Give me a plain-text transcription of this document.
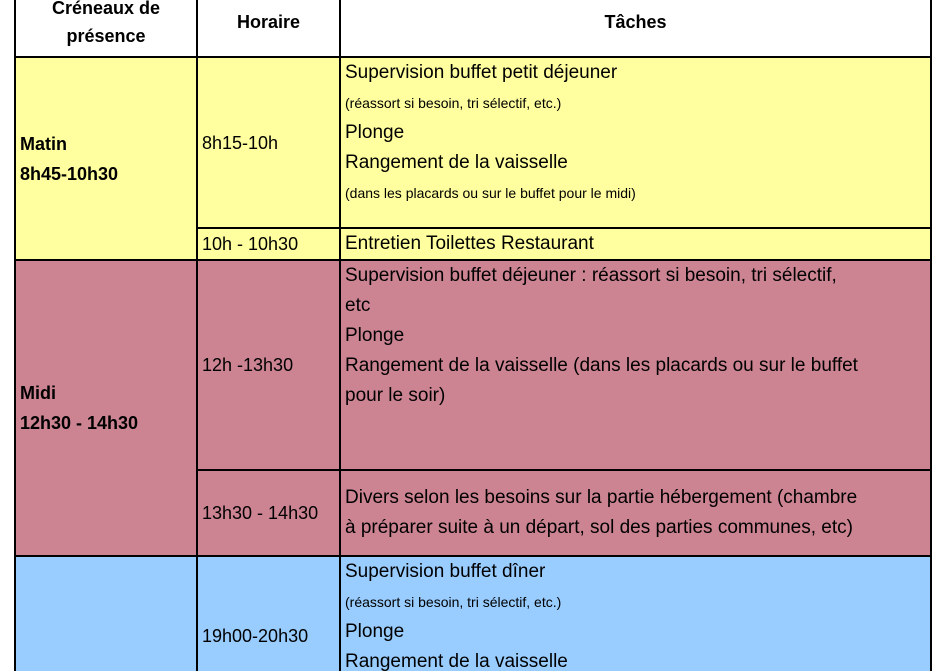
Créneaux de
présence	Horaire	Tâches

Matin
8h45-10h30	8h15-10h	Supervision buffet petit déjeuner
(réassort si besoin, tri sélectif, etc.)
Plonge
Rangement de la vaisselle
(dans les placards ou sur le buffet pour le midi)

	10h - 10h30	Entretien Toilettes Restaurant

Midi
12h30 - 14h30	12h -13h30	Supervision buffet déjeuner : réassort si besoin, tri sélectif,
etc
Plonge
Rangement de la vaisselle (dans les placards ou sur le buffet
pour le soir)

	13h30 - 14h30	Divers selon les besoins sur la partie hébergement (chambre
à préparer suite à un départ, sol des parties communes, etc)

	19h00-20h30	Supervision buffet dîner
(réassort si besoin, tri sélectif, etc.)
Plonge
Rangement de la vaisselle
